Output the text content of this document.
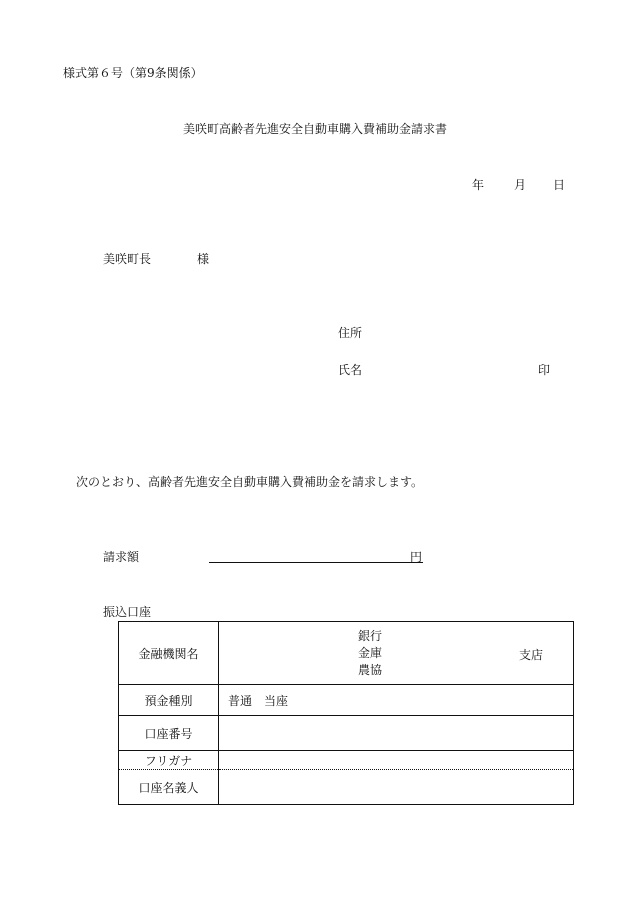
様式第６号（第9条関係）
美咲町高齢者先進安全自動車購入費補助金請求書
年 月 日
美咲町長	様
住所
氏名	印
次のとおり、高齢者先進安全自動車購入費補助金を請求します。
請求額	円
振込口座
金融機関名	銀行
金庫
農協
支店

預金種別	普通　当座
口座番号	
フリガナ	
口座名義人	
